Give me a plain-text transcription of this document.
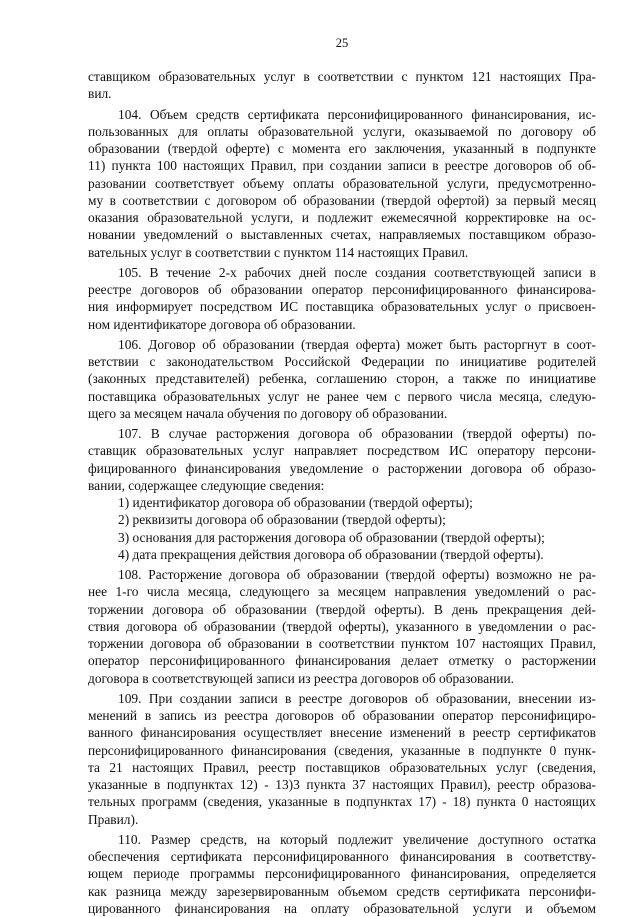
25
ставщиком образовательных услуг в соответствии с пунктом 121 настоящих Пра-
вил.
104. Объем средств сертификата персонифицированного финансирования, ис-
пользованных для оплаты образовательной услуги, оказываемой по договору об
образовании (твердой оферте) с момента его заключения, указанный в подпункте
11) пункта 100 настоящих Правил, при создании записи в реестре договоров об об-
разовании соответствует объему оплаты образовательной услуги, предусмотренно-
му в соответствии с договором об образовании (твердой офертой) за первый месяц
оказания образовательной услуги, и подлежит ежемесячной корректировке на ос-
новании уведомлений о выставленных счетах, направляемых поставщиком образо-
вательных услуг в соответствии с пунктом 114 настоящих Правил.
105. В течение 2-х рабочих дней после создания соответствующей записи в
реестре договоров об образовании оператор персонифицированного финансирова-
ния информирует посредством ИС поставщика образовательных услуг о присвоен-
ном идентификаторе договора об образовании.
106. Договор об образовании (твердая оферта) может быть расторгнут в соот-
ветствии с законодательством Российской Федерации по инициативе родителей
(законных представителей) ребенка, соглашению сторон, а также по инициативе
поставщика образовательных услуг не ранее чем с первого числа месяца, следую-
щего за месяцем начала обучения по договору об образовании.
107. В случае расторжения договора об образовании (твердой оферты) по-
ставщик образовательных услуг направляет посредством ИС оператору персони-
фицированного финансирования уведомление о расторжении договора об образо-
вании, содержащее следующие сведения:
1) идентификатор договора об образовании (твердой оферты);
2) реквизиты договора об образовании (твердой оферты);
3) основания для расторжения договора об образовании (твердой оферты);
4) дата прекращения действия договора об образовании (твердой оферты).
108. Расторжение договора об образовании (твердой оферты) возможно не ра-
нее 1-го числа месяца, следующего за месяцем направления уведомлений о рас-
торжении договора об образовании (твердой оферты). В день прекращения дей-
ствия договора об образовании (твердой оферты), указанного в уведомлении о рас-
торжении договора об образовании в соответствии пунктом 107 настоящих Правил,
оператор персонифицированного финансирования делает отметку о расторжении
договора в соответствующей записи из реестра договоров об образовании.
109. При создании записи в реестре договоров об образовании, внесении из-
менений в запись из реестра договоров об образовании оператор персонифициро-
ванного финансирования осуществляет внесение изменений в реестр сертификатов
персонифицированного финансирования (сведения, указанные в подпункте 0 пунк-
та 21 настоящих Правил, реестр поставщиков образовательных услуг (сведения,
указанные в подпунктах 12) - 13)3 пункта 37 настоящих Правил), реестр образова-
тельных программ (сведения, указанные в подпунктах 17) - 18) пункта 0 настоящих
Правил).
110. Размер средств, на который подлежит увеличение доступного остатка
обеспечения сертификата персонифицированного финансирования в соответству-
ющем периоде программы персонифицированного финансирования, определяется
как разница между зарезервированным объемом средств сертификата персонифи-
цированного финансирования на оплату образовательной услуги и объемом
